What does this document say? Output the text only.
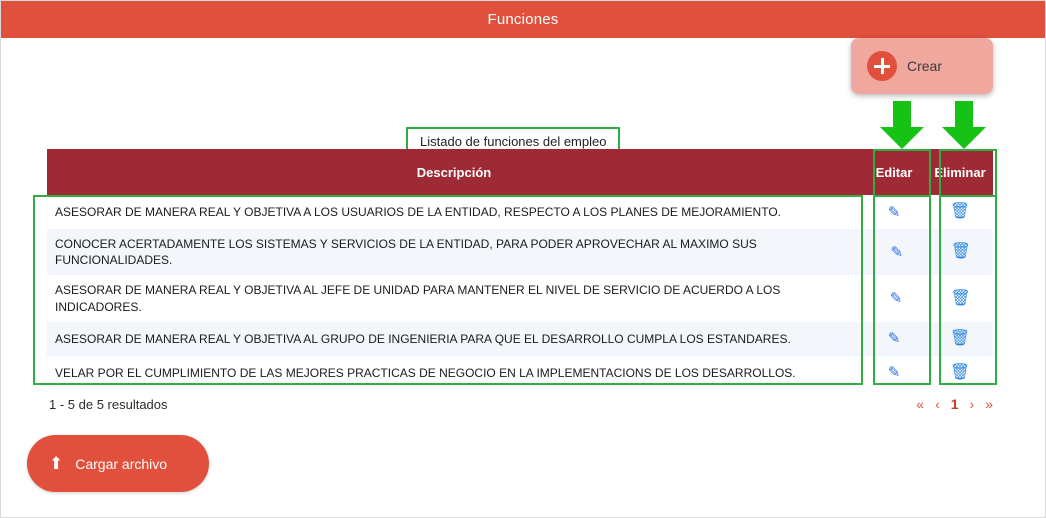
Funciones
Crear
Listado de funciones del empleo
Descripción	Editar	Eliminar
ASESORAR DE MANERA REAL Y OBJETIVA A LOS USUARIOS DE LA ENTIDAD, RESPECTO A LOS PLANES DE MEJORAMIENTO.	✎	🗑
CONOCER ACERTADAMENTE LOS SISTEMAS Y SERVICIOS DE LA ENTIDAD, PARA PODER APROVECHAR AL MAXIMO SUS FUNCIONALIDADES.	✎	🗑
ASESORAR DE MANERA REAL Y OBJETIVA AL JEFE DE UNIDAD PARA MANTENER EL NIVEL DE SERVICIO DE ACUERDO A LOS INDICADORES.	✎	🗑
ASESORAR DE MANERA REAL Y OBJETIVA AL GRUPO DE INGENIERIA PARA QUE EL DESARROLLO CUMPLA LOS ESTANDARES.	✎	🗑
VELAR POR EL CUMPLIMIENTO DE LAS MEJORES PRACTICAS DE NEGOCIO EN LA IMPLEMENTACIONS DE LOS DESARROLLOS.	✎	🗑
1 - 5 de 5 resultados	« ‹ 1 › »
⬆ Cargar archivo
